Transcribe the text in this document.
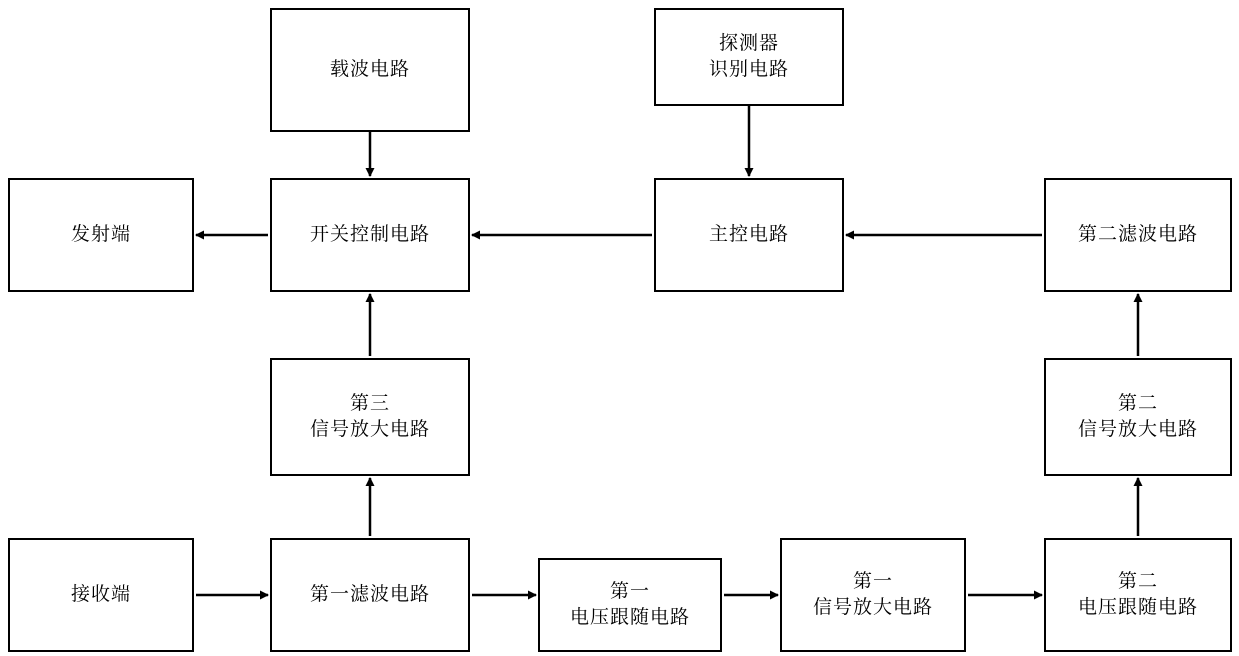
载波电路
探测器
识别电路
发射端	开关控制电路	主控电路	第二滤波电路
第三
信号放大电路
第二
信号放大电路
接收端	第一滤波电路	第一
电压跟随电路
第一
信号放大电路
第二
电压跟随电路
